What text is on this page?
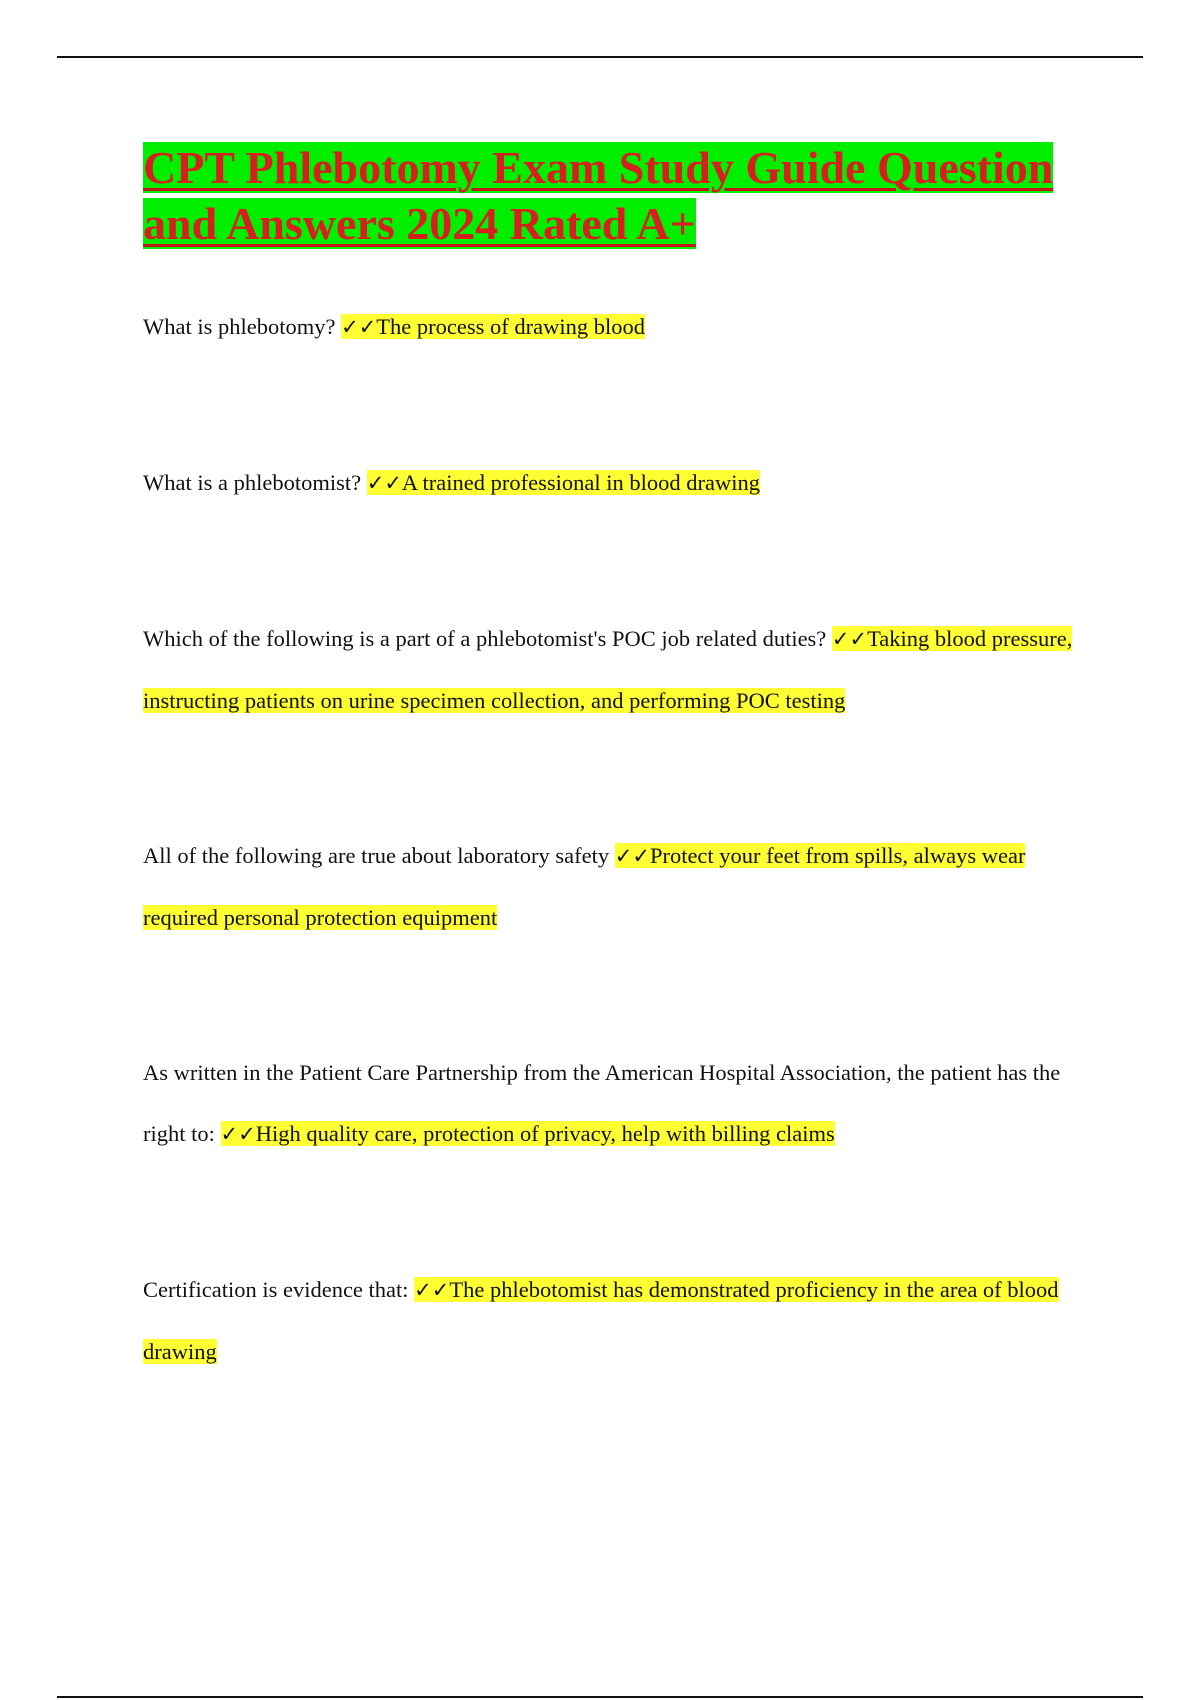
CPT Phlebotomy Exam Study Guide Question and Answers 2024 Rated A+

What is phlebotomy? ✓✓The process of drawing blood

What is a phlebotomist? ✓✓A trained professional in blood drawing

Which of the following is a part of a phlebotomist's POC job related duties? ✓✓Taking blood pressure, instructing patients on urine specimen collection, and performing POC testing

All of the following are true about laboratory safety ✓✓Protect your feet from spills, always wear required personal protection equipment

As written in the Patient Care Partnership from the American Hospital Association, the patient has the right to: ✓✓High quality care, protection of privacy, help with billing claims

Certification is evidence that: ✓✓The phlebotomist has demonstrated proficiency in the area of blood drawing
